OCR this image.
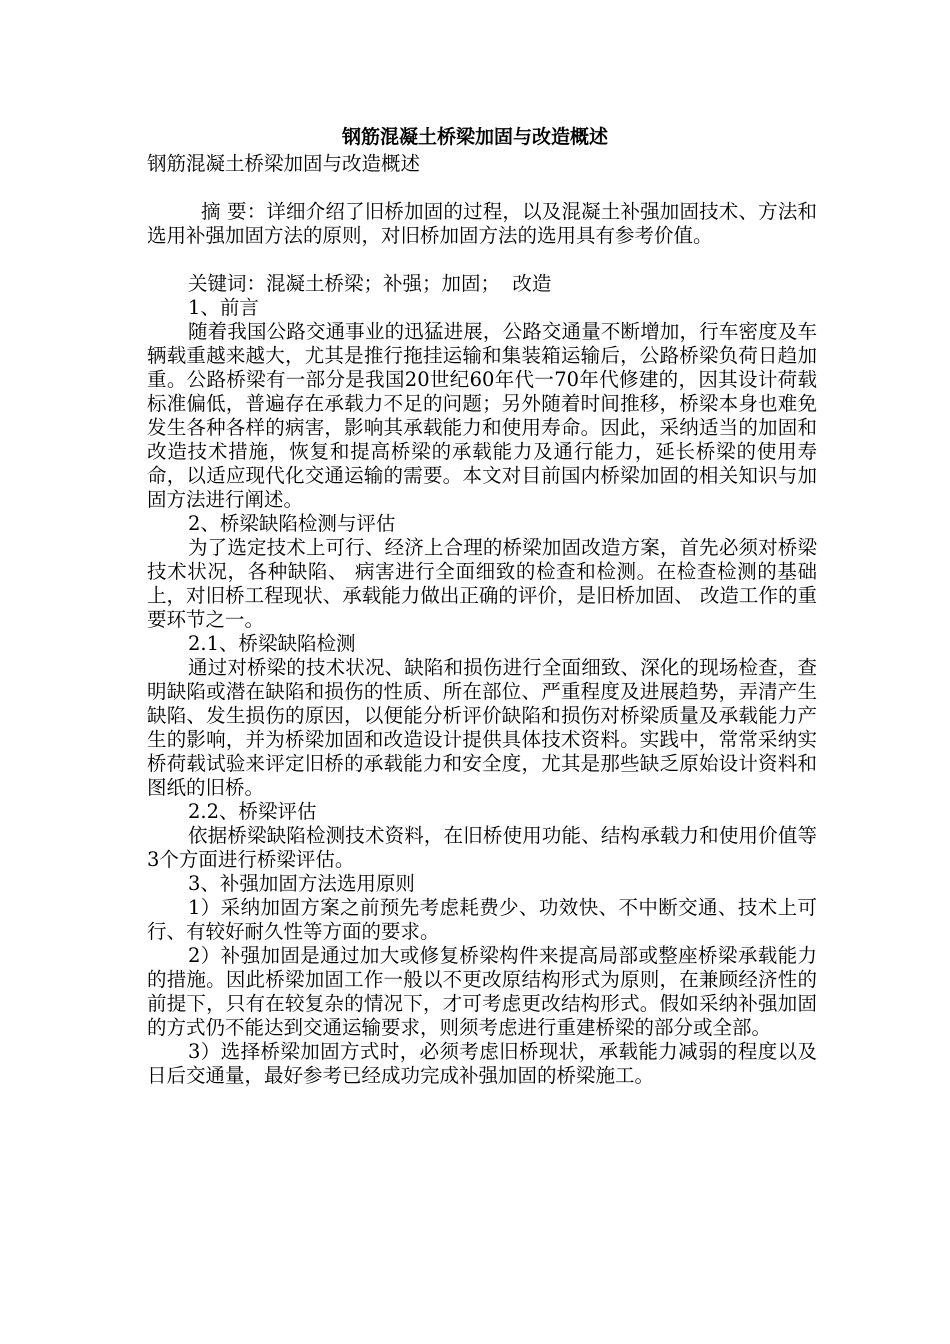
钢筋混凝土桥梁加固与改造概述

钢筋混凝土桥梁加固与改造概述

摘 要：详细介绍了旧桥加固的过程，以及混凝土补强加固技术、方法和选用补强加固方法的原则，对旧桥加固方法的选用具有参考价值。

关键词：混凝土桥梁；补强；加固；  改造

1、前言

随着我国公路交通事业的迅猛进展，公路交通量不断增加，行车密度及车辆载重越来越大，尤其是推行拖挂运输和集装箱运输后，公路桥梁负荷日趋加重。公路桥梁有一部分是我国20世纪60年代一70年代修建的，因其设计荷载标准偏低，普遍存在承载力不足的问题；另外随着时间推移，桥梁本身也难免发生各种各样的病害，影响其承载能力和使用寿命。因此，采纳适当的加固和改造技术措施，恢复和提高桥梁的承载能力及通行能力，延长桥梁的使用寿命，以适应现代化交通运输的需要。本文对目前国内桥梁加固的相关知识与加固方法进行阐述。

2、桥梁缺陷检测与评估

为了选定技术上可行、经济上合理的桥梁加固改造方案，首先必须对桥梁技术状况，各种缺陷、 病害进行全面细致的检查和检测。在检查检测的基础上，对旧桥工程现状、承载能力做出正确的评价，是旧桥加固、 改造工作的重要环节之一。

2.1、桥梁缺陷检测

通过对桥梁的技术状况、缺陷和损伤进行全面细致、深化的现场检查，查明缺陷或潜在缺陷和损伤的性质、所在部位、严重程度及进展趋势，弄清产生缺陷、发生损伤的原因，以便能分析评价缺陷和损伤对桥梁质量及承载能力产生的影响，并为桥梁加固和改造设计提供具体技术资料。实践中，常常采纳实桥荷载试验来评定旧桥的承载能力和安全度，尤其是那些缺乏原始设计资料和图纸的旧桥。

2.2、桥梁评估

依据桥梁缺陷检测技术资料，在旧桥使用功能、结构承载力和使用价值等3个方面进行桥梁评估。

3、补强加固方法选用原则

1）采纳加固方案之前预先考虑耗费少、功效快、不中断交通、技术上可行、有较好耐久性等方面的要求。

2）补强加固是通过加大或修复桥梁构件来提高局部或整座桥梁承载能力的措施。因此桥梁加固工作一般以不更改原结构形式为原则，在兼顾经济性的前提下，只有在较复杂的情况下，才可考虑更改结构形式。假如采纳补强加固的方式仍不能达到交通运输要求，则须考虑进行重建桥梁的部分或全部。

3）选择桥梁加固方式时，必须考虑旧桥现状，承载能力减弱的程度以及日后交通量，最好参考已经成功完成补强加固的桥梁施工。
